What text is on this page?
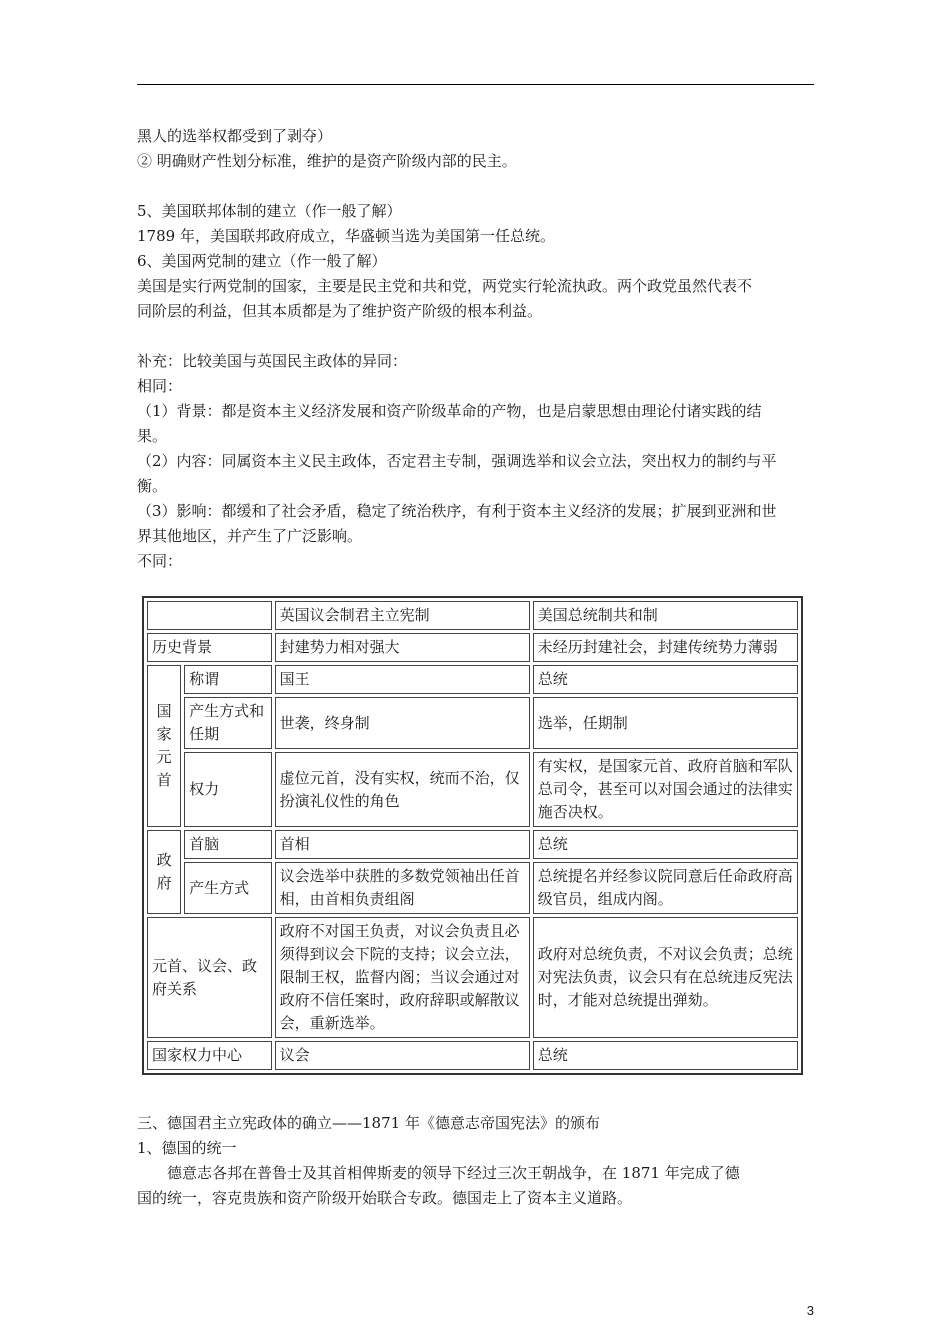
黑人的选举权都受到了剥夺）
② 明确财产性划分标准，维护的是资产阶级内部的民主。
5、美国联邦体制的建立（作一般了解）
1789 年，美国联邦政府成立，华盛顿当选为美国第一任总统。
6、美国两党制的建立（作一般了解）
美国是实行两党制的国家，主要是民主党和共和党，两党实行轮流执政。两个政党虽然代表不
同阶层的利益，但其本质都是为了维护资产阶级的根本利益。
补充：比较美国与英国民主政体的异同：
相同：
（1）背景：都是资本主义经济发展和资产阶级革命的产物，也是启蒙思想由理论付诸实践的结
果。
（2）内容：同属资本主义民主政体，否定君主专制，强调选举和议会立法，突出权力的制约与平
衡。
（3）影响：都缓和了社会矛盾，稳定了统治秩序，有利于资本主义经济的发展；扩展到亚洲和世
界其他地区，并产生了广泛影响。
不同：
		英国议会制君主立宪制	美国总统制共和制
历史背景		封建势力相对强大	未经历封建社会，封建传统势力薄弱
国家元首	称谓	国王	总统
	产生方式和任期	世袭，终身制	选举，任期制
	权力	虚位元首，没有实权，统而不治，仅扮演礼仪性的角色	有实权，是国家元首、政府首脑和军队总司令，甚至可以对国会通过的法律实施否决权。
政府	首脑	首相	总统
	产生方式	议会选举中获胜的多数党领袖出任首相，由首相负责组阁	总统提名并经参议院同意后任命政府高级官员，组成内阁。
元首、议会、政府关系		政府不对国王负责，对议会负责且必须得到议会下院的支持；议会立法，限制王权，监督内阁；当议会通过对政府不信任案时，政府辞职或解散议会，重新选举。	政府对总统负责，不对议会负责；总统对宪法负责，议会只有在总统违反宪法时，才能对总统提出弹劾。
国家权力中心		议会	总统
三、德国君主立宪政体的确立——1871 年《德意志帝国宪法》的颁布
1、德国的统一
德意志各邦在普鲁士及其首相俾斯麦的领导下经过三次王朝战争，在 1871 年完成了德
国的统一，容克贵族和资产阶级开始联合专政。德国走上了资本主义道路。
3
